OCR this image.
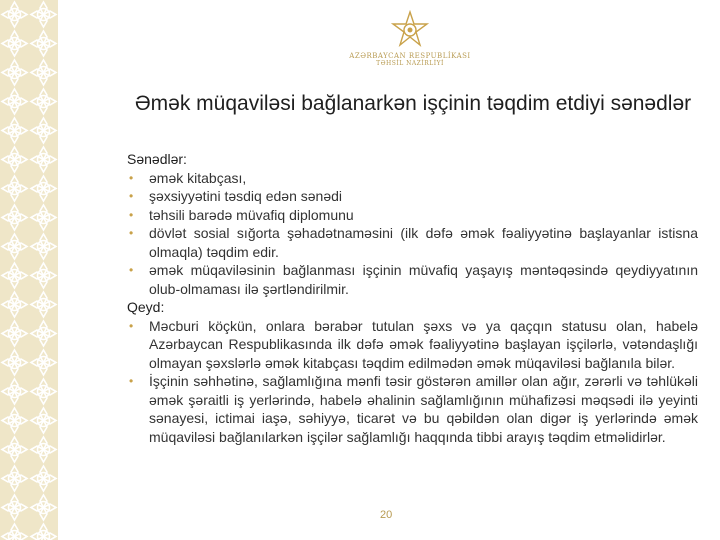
AZƏRBAYCAN RESPUBLİKASI
TƏHSİL NAZİRLİYİ
Əmək müqaviləsi bağlanarkən işçinin təqdim etdiyi sənədlər
Sənədlər:
• əmək kitabçası,
• şəxsiyyətini təsdiq edən sənədi
• təhsili barədə müvafiq diplomunu
• dövlət sosial sığorta şəhadətnaməsini (ilk dəfə əmək fəaliyyətinə başlayanlar istisna olmaqla) təqdim edir.
• əmək müqaviləsinin bağlanması işçinin müvafiq yaşayış məntəqəsində qeydiyyatının olub-olmaması ilə şərtləndirilmir.
Qeyd:
• Məcburi köçkün, onlara bərabər tutulan şəxs və ya qaçqın statusu olan, habelə Azərbaycan Respublikasında ilk dəfə əmək fəaliyyətinə başlayan işçilərlə, vətəndaşlığı olmayan şəxslərlə əmək kitabçası təqdim edilmədən əmək müqaviləsi bağlanıla bilər.
• İşçinin səhhətinə, sağlamlığına mənfi təsir göstərən amillər olan ağır, zərərli və təhlükəli əmək şəraitli iş yerlərində, habelə əhalinin sağlamlığının mühafizəsi məqsədi ilə yeyinti sənayesi, ictimai iaşə, səhiyyə, ticarət və bu qəbildən olan digər iş yerlərində əmək müqaviləsi bağlanılarkən işçilər sağlamlığı haqqında tibbi arayış təqdim etməlidirlər.
20
